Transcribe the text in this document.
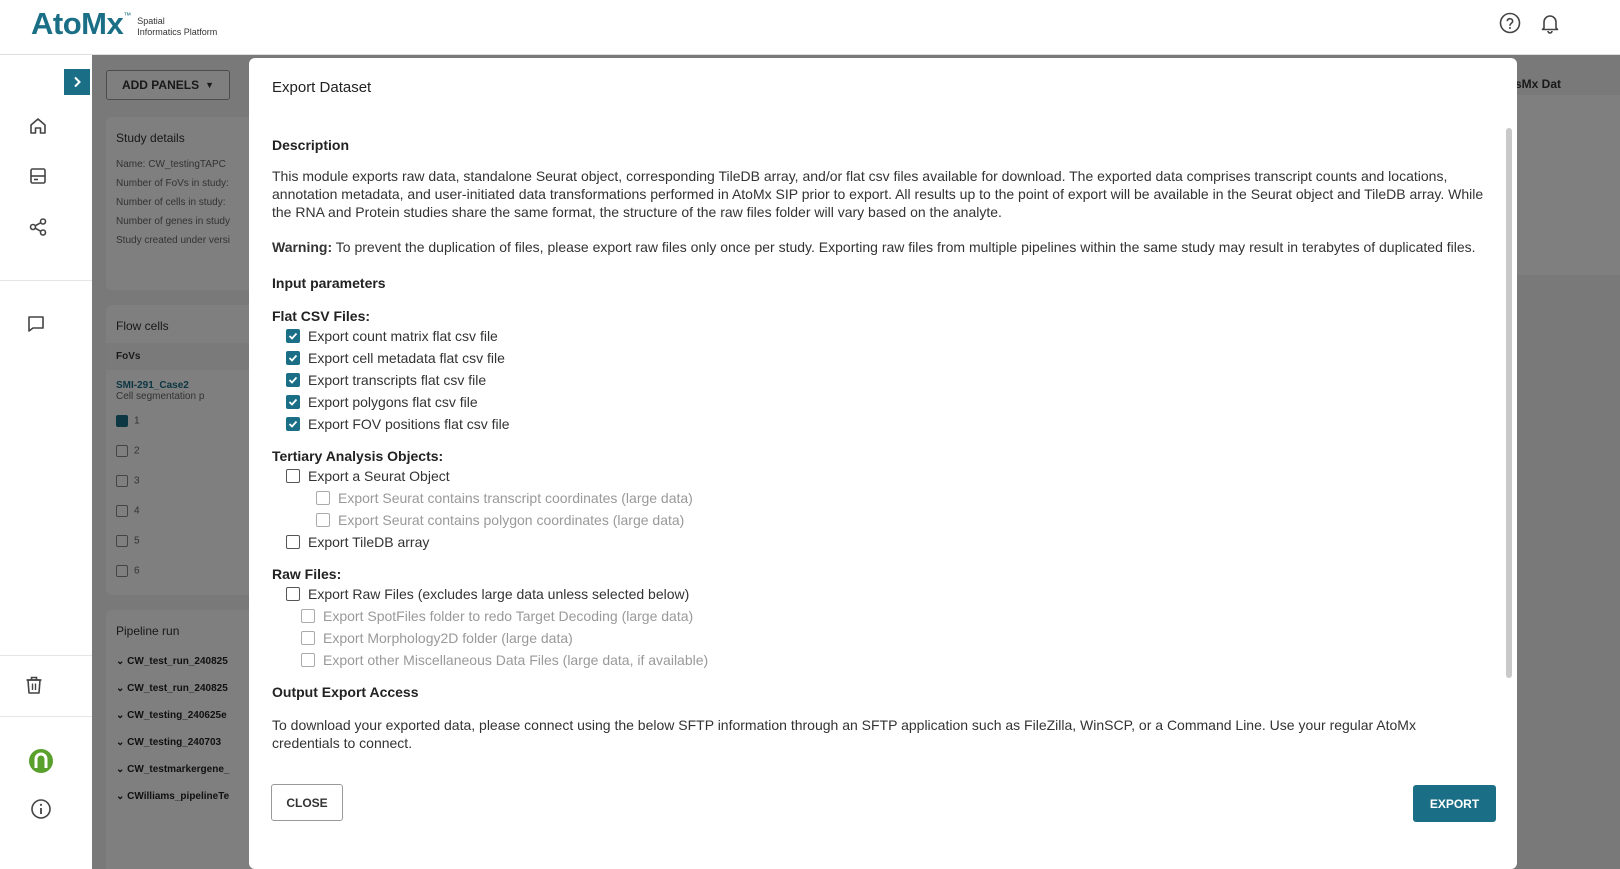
AtoMx ™
Spatial
Informatics Platform

Export Dataset
Description
This module exports raw data, standalone Seurat object, corresponding TileDB array, and/or flat csv files available for download. The exported data comprises transcript counts and locations, annotation metadata, and user-initiated data transformations performed in AtoMx SIP prior to export. All results up to the point of export will be available in the Seurat object and TileDB array. While the RNA and Protein studies share the same format, the structure of the raw files folder will vary based on the analyte.
Warning: To prevent the duplication of files, please export raw files only once per study. Exporting raw files from multiple pipelines within the same study may result in terabytes of duplicated files.
Input parameters
Flat CSV Files:
Export count matrix flat csv file
Export cell metadata flat csv file
Export transcripts flat csv file
Export polygons flat csv file
Export FOV positions flat csv file
Tertiary Analysis Objects:
Export a Seurat Object
Export Seurat contains transcript coordinates (large data)
Export Seurat contains polygon coordinates (large data)
Export TileDB array
Raw Files:
Export Raw Files (excludes large data unless selected below)
Export SpotFiles folder to redo Target Decoding (large data)
Export Morphology2D folder (large data)
Export other Miscellaneous Data Files (large data, if available)
Output Export Access
To download your exported data, please connect using the below SFTP information through an SFTP application such as FileZilla, WinSCP, or a Command Line. Use your regular AtoMx credentials to connect.
CLOSE	EXPORT
